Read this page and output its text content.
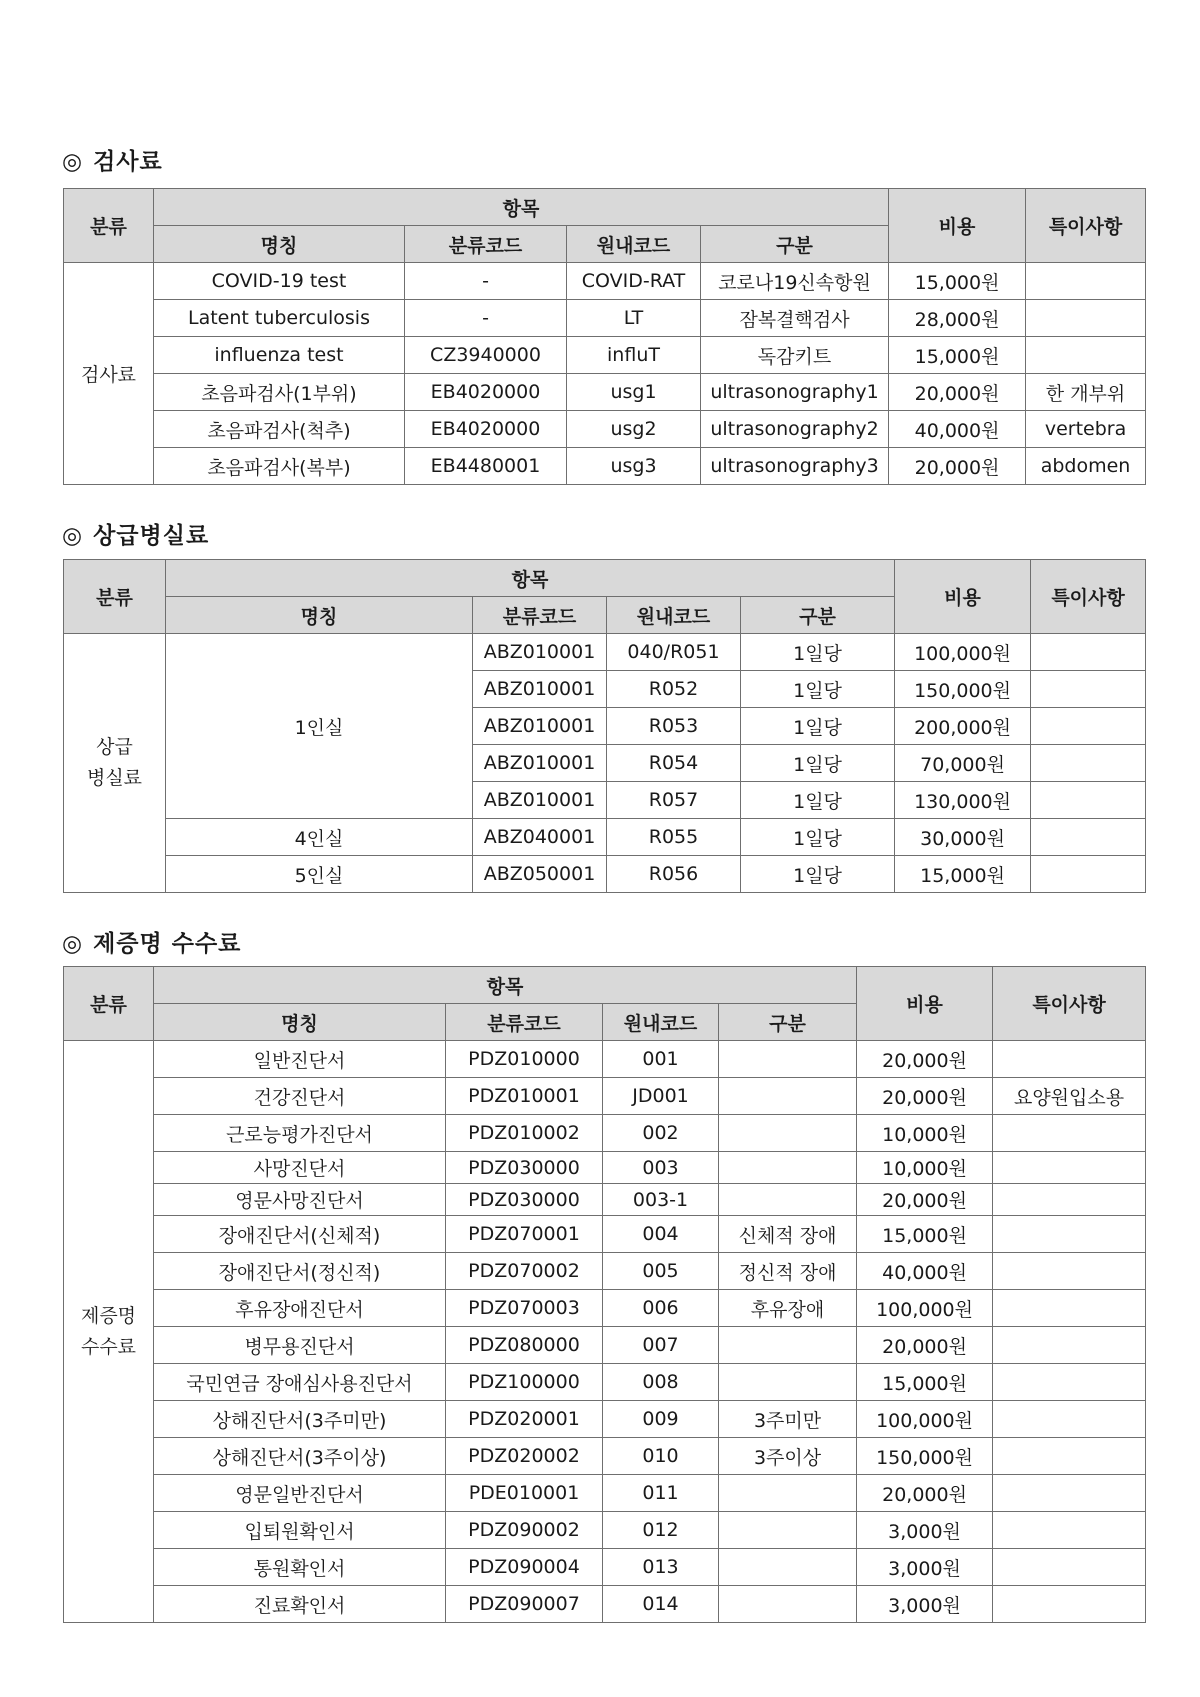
◎ 검사료
분류	항목				비용	특이사항
	명칭	분류코드	원내코드	구분		
검사료	COVID-19 test	-	COVID-RAT	코로나19신속항원	15,000원	
	Latent tuberculosis	-	LT	잠복결핵검사	28,000원	
	influenza test	CZ3940000	influT	독감키트	15,000원	
	초음파검사(1부위)	EB4020000	usg1	ultrasonography1	20,000원	한 개부위
	초음파검사(척추)	EB4020000	usg2	ultrasonography2	40,000원	vertebra
	초음파검사(복부)	EB4480001	usg3	ultrasonography3	20,000원	abdomen
◎ 상급병실료
분류	항목				비용	특이사항
	명칭	분류코드	원내코드	구분		

상급
병실료	1인실	ABZ010001	040/R051	1일당	100,000원	
		ABZ010001	R052	1일당	150,000원	
		ABZ010001	R053	1일당	200,000원	
		ABZ010001	R054	1일당	70,000원	
		ABZ010001	R057	1일당	130,000원	
	4인실	ABZ040001	R055	1일당	30,000원	
	5인실	ABZ050001	R056	1일당	15,000원	
◎ 제증명 수수료
분류	항목				비용	특이사항
	명칭	분류코드	원내코드	구분		

제증명
수수료	일반진단서	PDZ010000	001		20,000원	
	건강진단서	PDZ010001	JD001		20,000원	요양원입소용
	근로능평가진단서	PDZ010002	002		10,000원	
	사망진단서	PDZ030000	003		10,000원	
	영문사망진단서	PDZ030000	003-1		20,000원	
	장애진단서(신체적)	PDZ070001	004	신체적 장애	15,000원	
	장애진단서(정신적)	PDZ070002	005	정신적 장애	40,000원	
	후유장애진단서	PDZ070003	006	후유장애	100,000원	
	병무용진단서	PDZ080000	007		20,000원	
	국민연금 장애심사용진단서	PDZ100000	008		15,000원	
	상해진단서(3주미만)	PDZ020001	009	3주미만	100,000원	
	상해진단서(3주이상)	PDZ020002	010	3주이상	150,000원	
	영문일반진단서	PDE010001	011		20,000원	
	입퇴원확인서	PDZ090002	012		3,000원	
	통원확인서	PDZ090004	013		3,000원	
	진료확인서	PDZ090007	014		3,000원	
